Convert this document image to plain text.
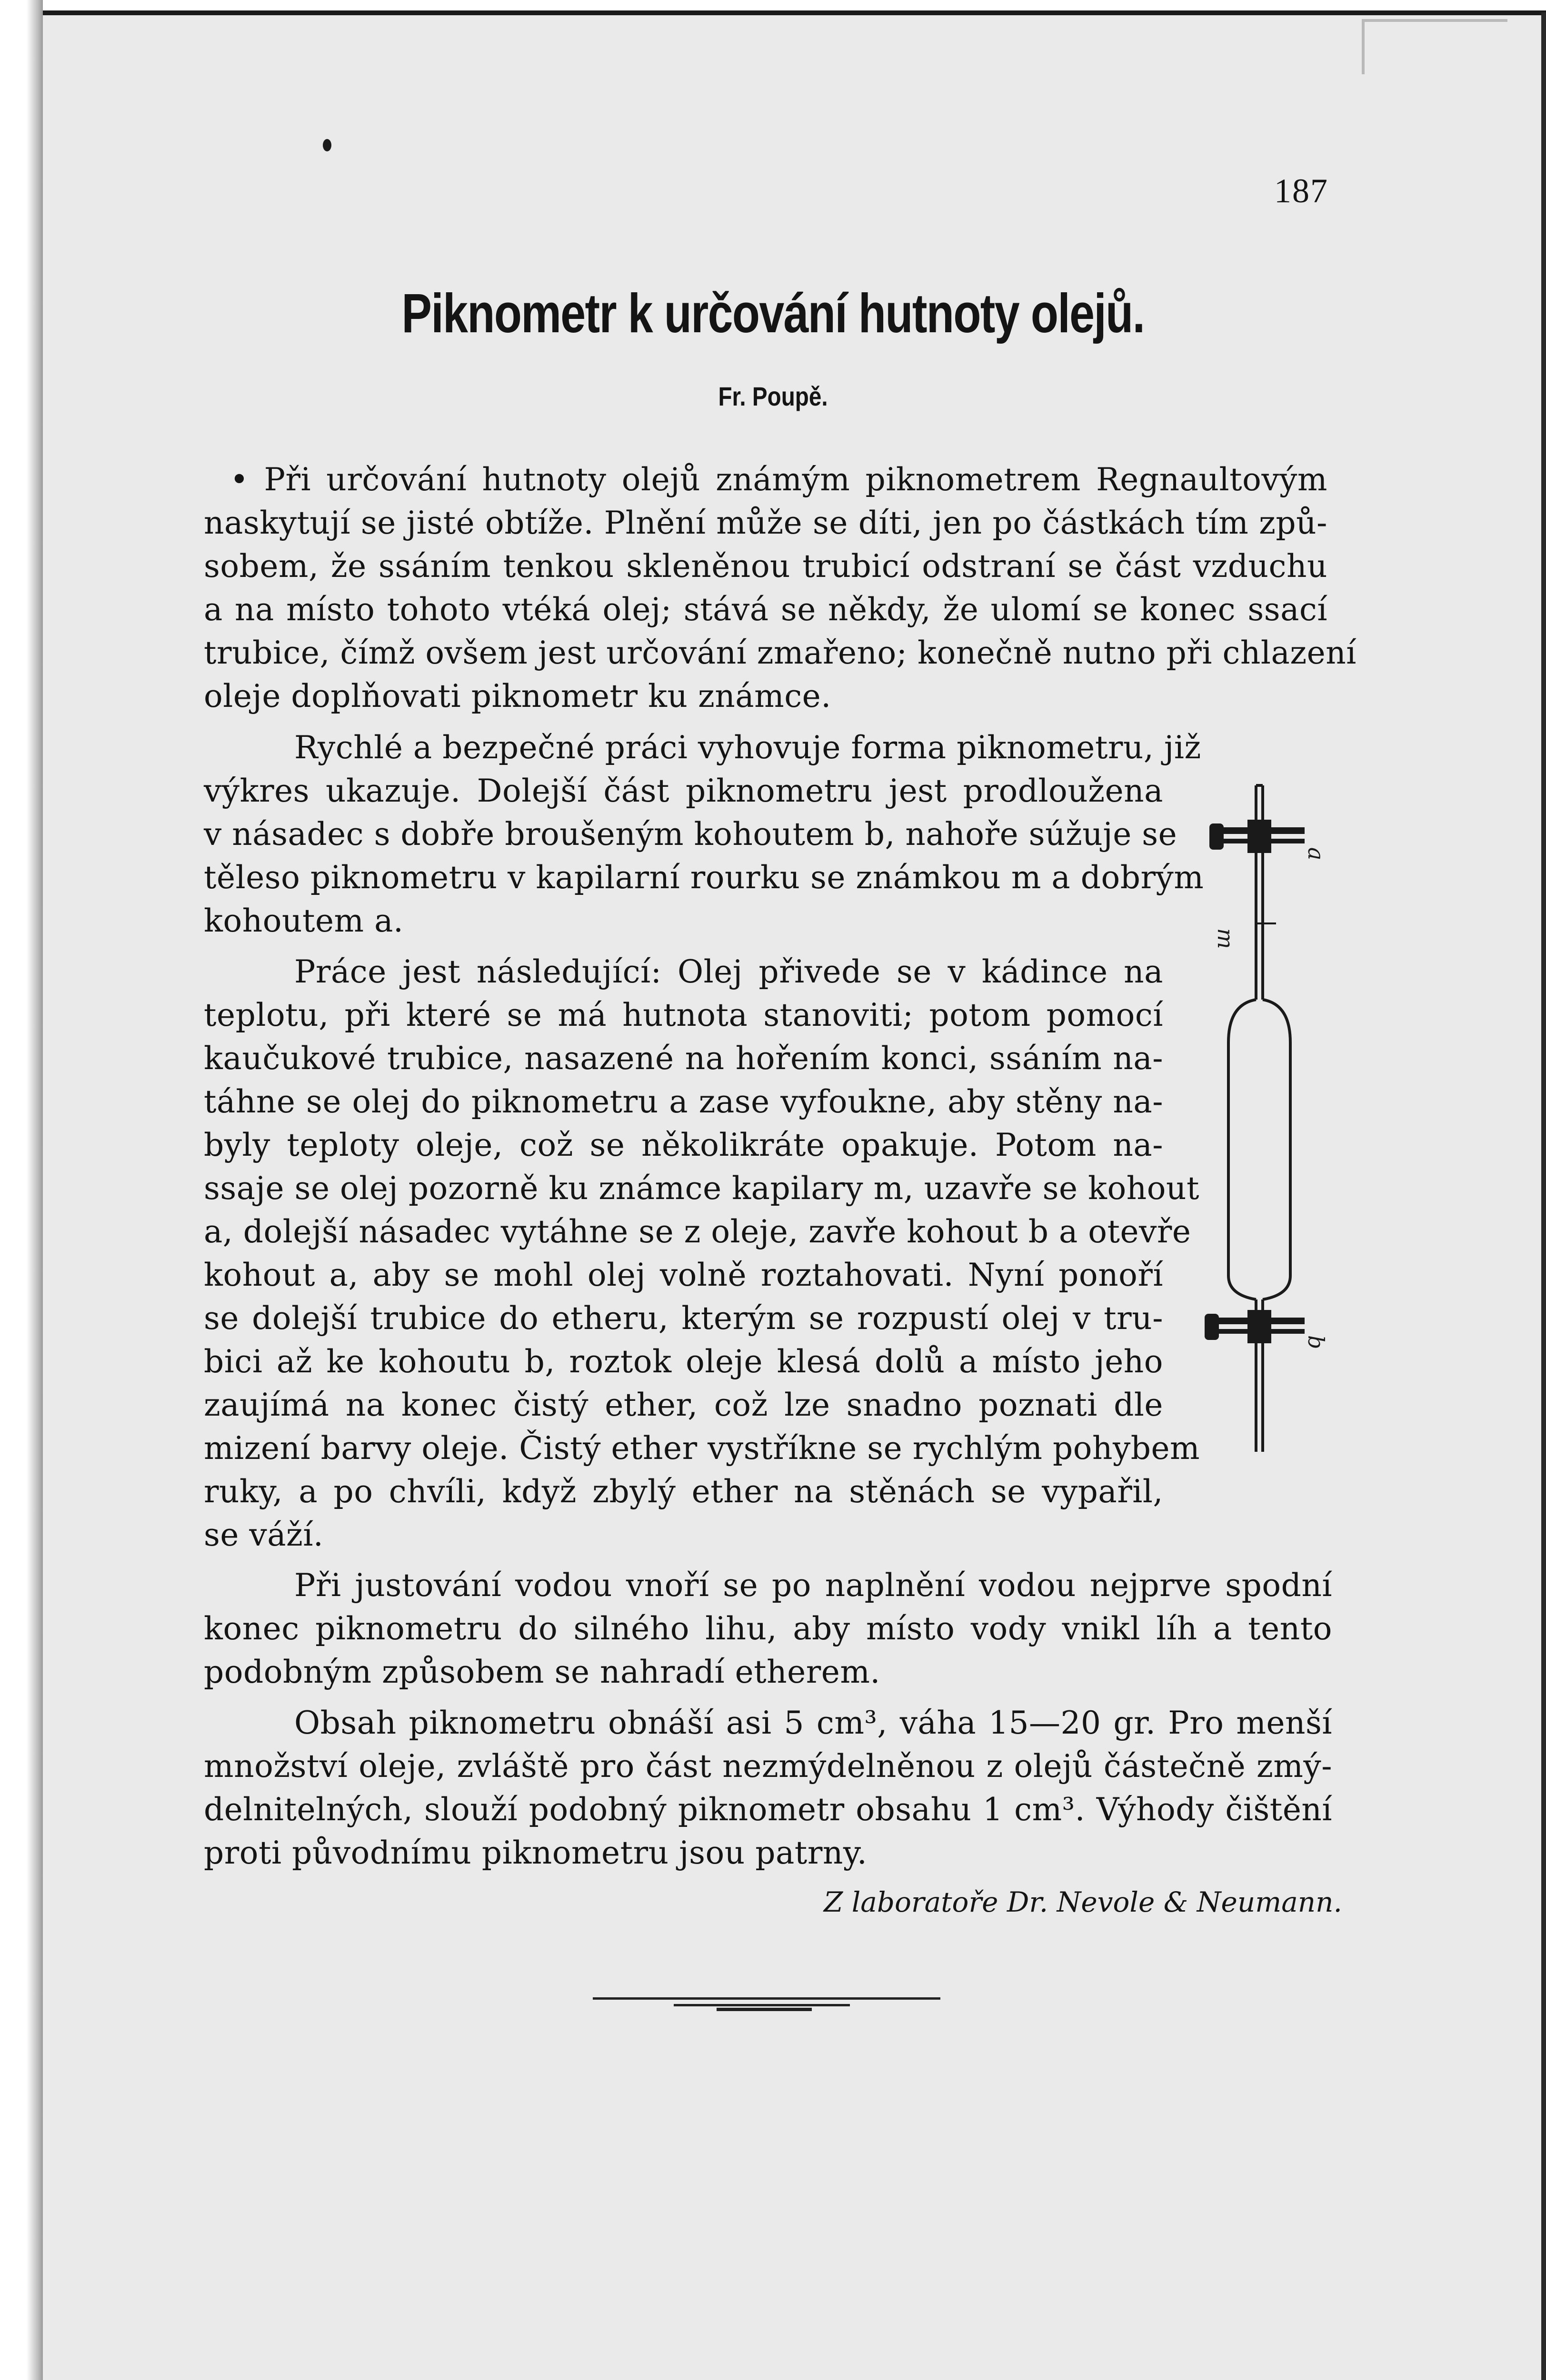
187
Piknometr k určování hutnoty olejů.
Fr. Poupě.
• Při určování hutnoty olejů známým piknometrem Regnaultovým
naskytují se jisté obtíže. Plnění může se díti, jen po částkách tím způ-
sobem, že ssáním tenkou skleněnou trubicí odstraní se část vzduchu
a na místo tohoto vtéká olej; stává se někdy, že ulomí se konec ssací
trubice, čímž ovšem jest určování zmařeno; konečně nutno při chlazení
oleje doplňovati piknometr ku známce.
Rychlé a bezpečné práci vyhovuje forma piknometru, již
výkres ukazuje. Dolejší část piknometru jest prodloužena
v násadec s dobře broušeným kohoutem b, nahoře súžuje se
těleso piknometru v kapilarní rourku se známkou m a dobrým
kohoutem a.
Práce jest následující: Olej přivede se v kádince na
teplotu, při které se má hutnota stanoviti; potom pomocí
kaučukové trubice, nasazené na hořením konci, ssáním na-
táhne se olej do piknometru a zase vyfoukne, aby stěny na-
byly teploty oleje, což se několikráte opakuje. Potom na-
ssaje se olej pozorně ku známce kapilary m, uzavře se kohout
a, dolejší násadec vytáhne se z oleje, zavře kohout b a otevře
kohout a, aby se mohl olej volně roztahovati. Nyní ponoří
se dolejší trubice do etheru, kterým se rozpustí olej v tru-
bici až ke kohoutu b, roztok oleje klesá dolů a místo jeho
zaujímá na konec čistý ether, což lze snadno poznati dle
mizení barvy oleje. Čistý ether vystříkne se rychlým pohybem
ruky, a po chvíli, když zbylý ether na stěnách se vypařil,
se váží.
Při justování vodou vnoří se po naplnění vodou nejprve spodní
konec piknometru do silného lihu, aby místo vody vnikl líh a tento
podobným způsobem se nahradí etherem.
Obsah piknometru obnáší asi 5 cm³, váha 15—20 gr. Pro menší
množství oleje, zvláště pro část nezmýdelněnou z olejů částečně zmý-
delnitelných, slouží podobný piknometr obsahu 1 cm³. Výhody čištění
proti původnímu piknometru jsou patrny.
Z laboratoře Dr. Nevole & Neumann.
a
m
b
